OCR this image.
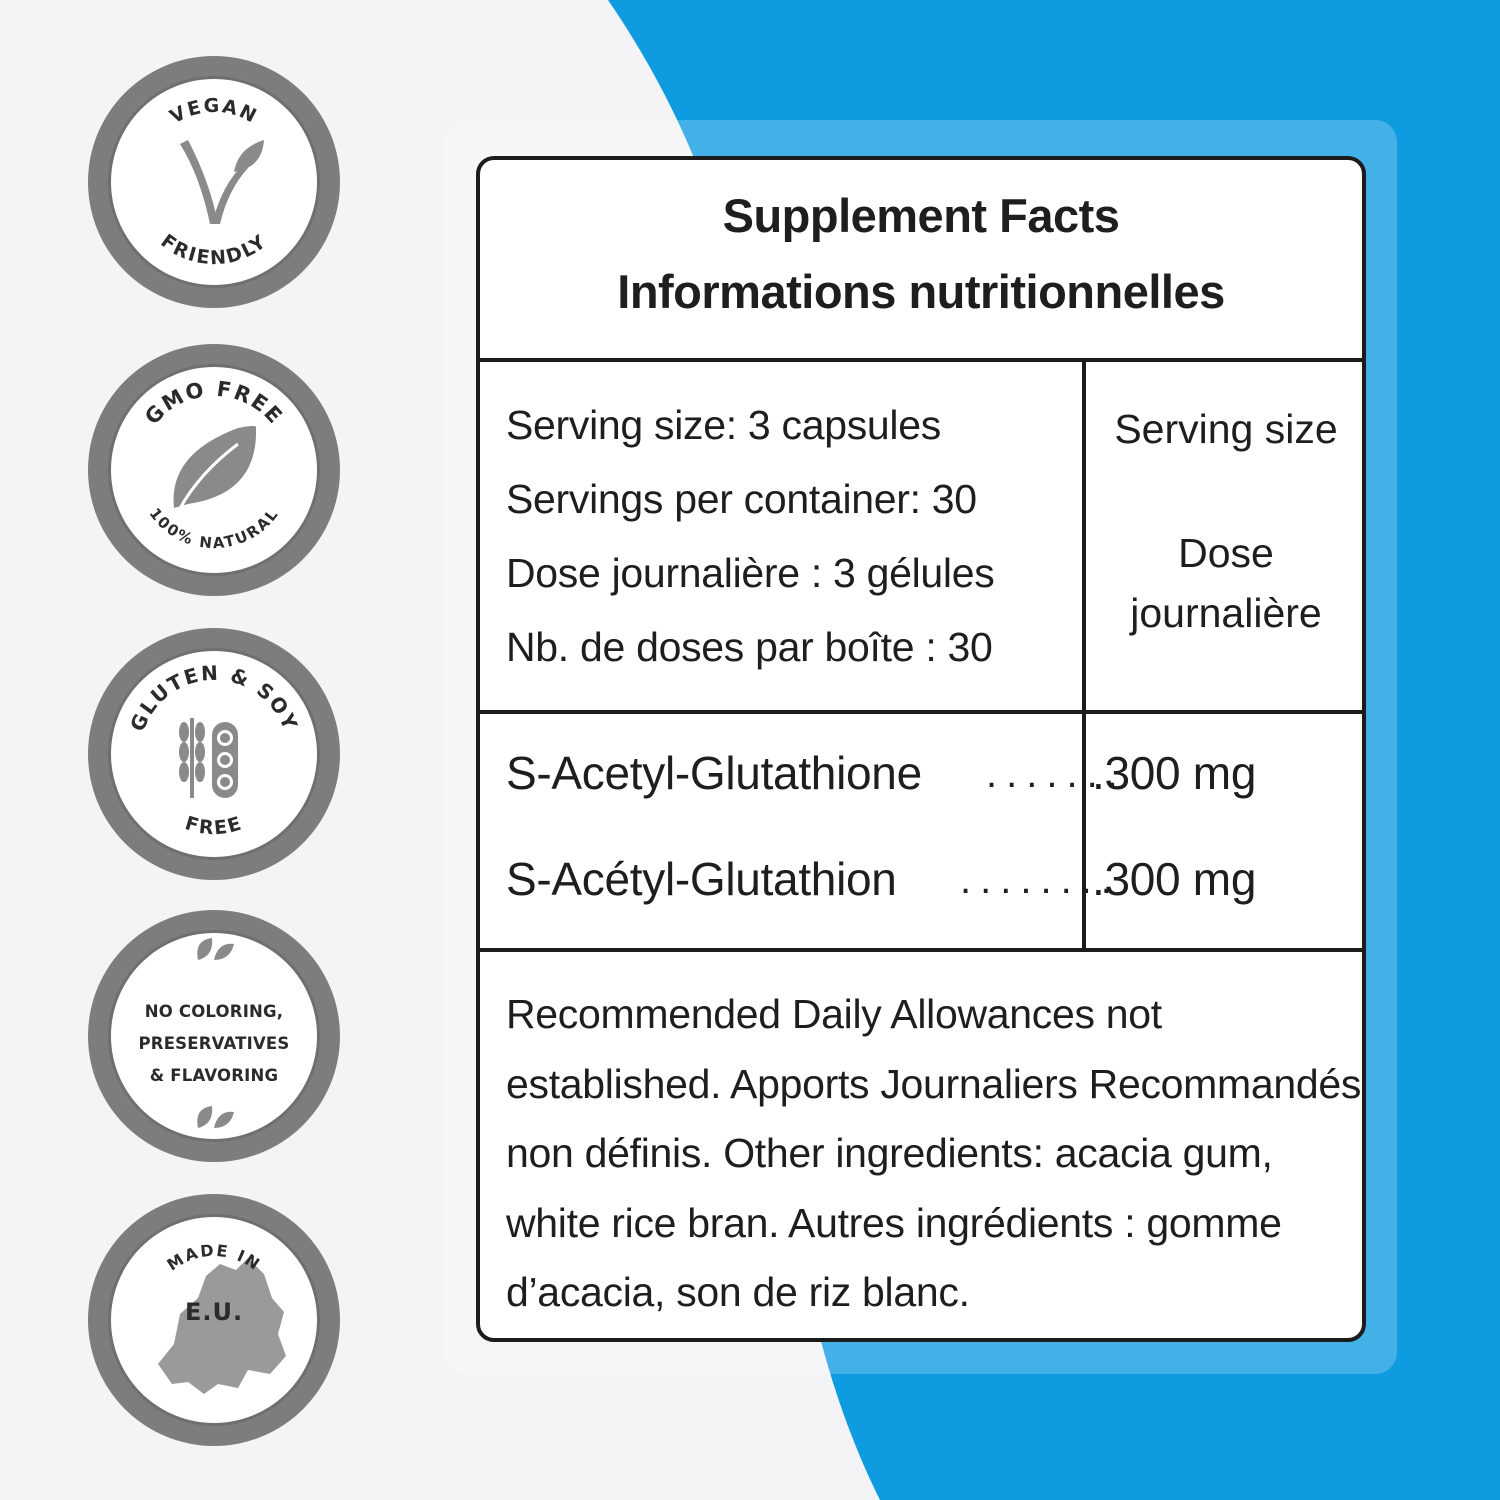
VEGAN
FRIENDLY
GMO FREE
100% NATURAL
GLUTEN & SOY
FREE
NO COLORING,
PRESERVATIVES
& FLAVORING
MADE IN
E.U.
Supplement Facts
Informations nutritionnelles
Serving size: 3 capsules
Servings per container: 30
Dose journalière : 3 gélules
Nb. de doses par boîte : 30
Serving size
Dose
journalière
S-Acetyl-Glutathione .......
.300 mg
S-Acétyl-Glutathion ........
.300 mg
Recommended Daily Allowances not
established. Apports Journaliers Recommandés
non définis. Other ingredients: acacia gum,
white rice bran. Autres ingrédients : gomme
d’acacia, son de riz blanc.
